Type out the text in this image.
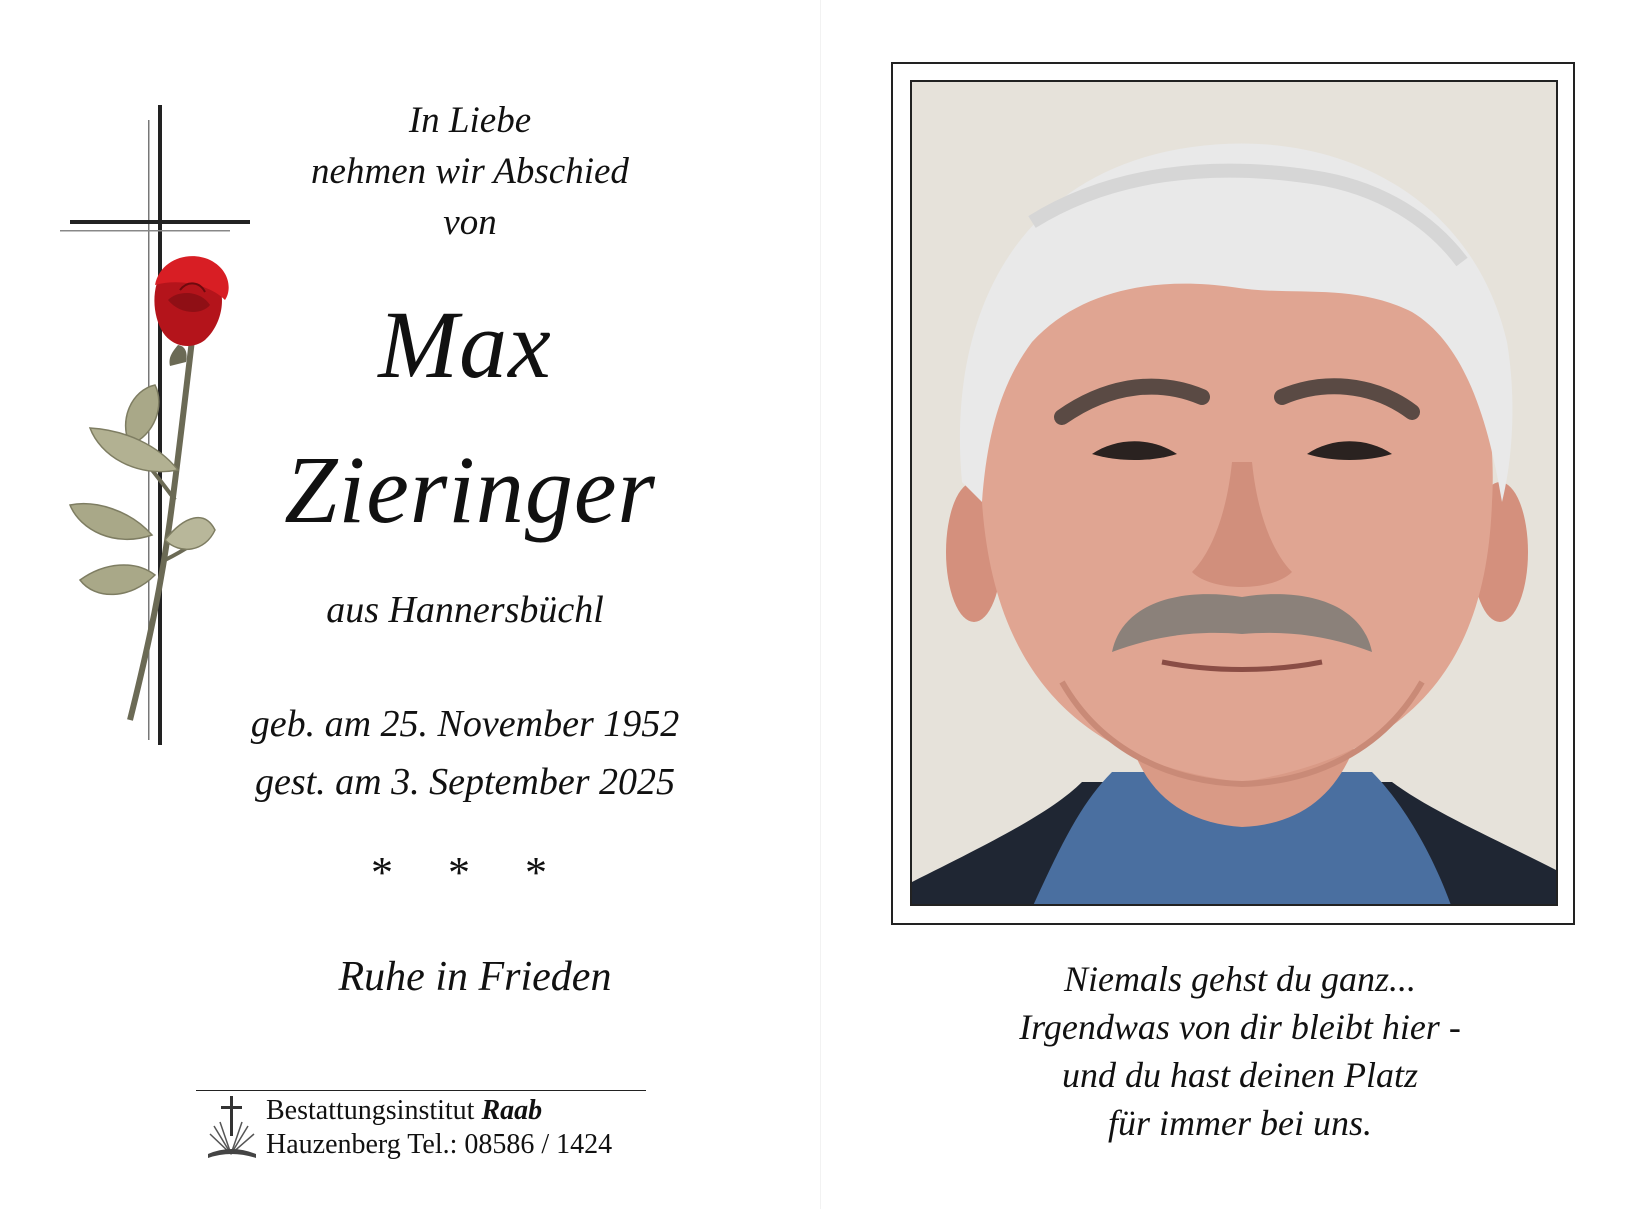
In Liebe
nehmen wir Abschied
von
Max
Zieringer
aus Hannersbüchl
geb. am 25. November 1952
gest. am 3. September 2025
* * *
Ruhe in Frieden
Bestattungsinstitut Raab
Hauzenberg Tel.: 08586 / 1424
Niemals gehst du ganz...
Irgendwas von dir bleibt hier -
und du hast deinen Platz
für immer bei uns.
